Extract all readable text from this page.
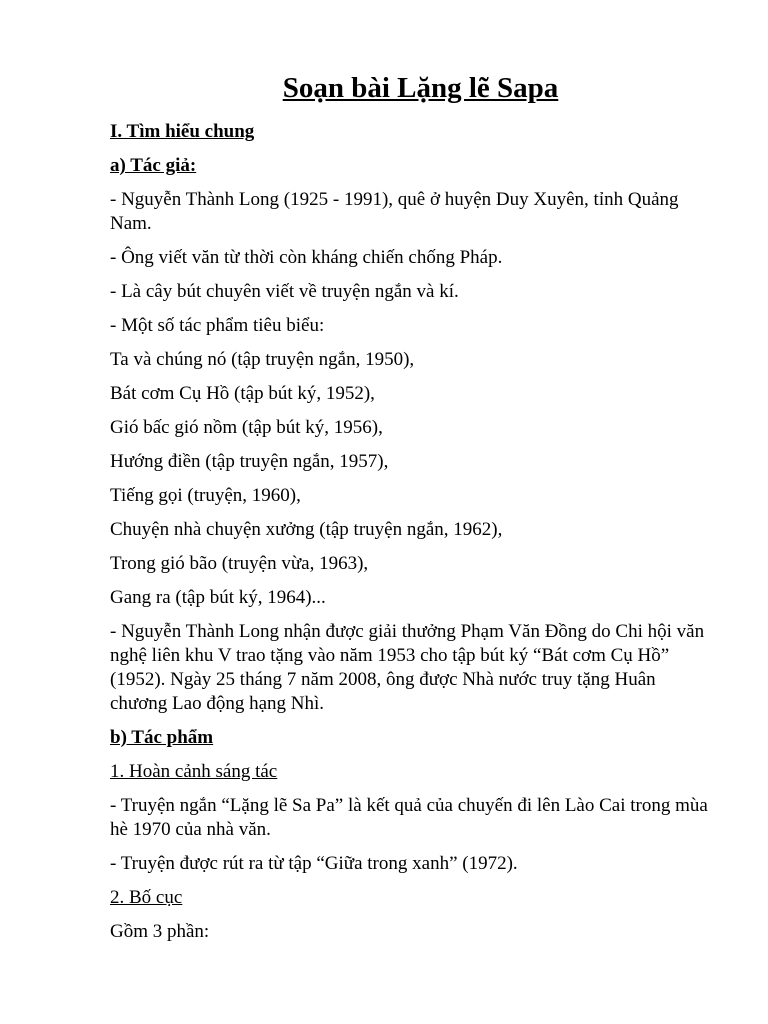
Soạn bài Lặng lẽ Sapa
I. Tìm hiểu chung
a) Tác giả:

- Nguyễn Thành Long (1925 - 1991), quê ở huyện Duy Xuyên, tỉnh Quảng Nam.

- Ông viết văn từ thời còn kháng chiến chống Pháp.

- Là cây bút chuyên viết về truyện ngắn và kí.

- Một số tác phẩm tiêu biểu:

Ta và chúng nó (tập truyện ngắn, 1950),
Bát cơm Cụ Hồ (tập bút ký, 1952),
Gió bấc gió nồm (tập bút ký, 1956),
Hướng điền (tập truyện ngắn, 1957),
Tiếng gọi (truyện, 1960),
Chuyện nhà chuyện xưởng (tập truyện ngắn, 1962),
Trong gió bão (truyện vừa, 1963),
Gang ra (tập bút ký, 1964)...

- Nguyễn Thành Long nhận được giải thưởng Phạm Văn Đồng do Chi hội văn nghệ liên khu V trao tặng vào năm 1953 cho tập bút ký “Bát cơm Cụ Hồ” (1952). Ngày 25 tháng 7 năm 2008, ông được Nhà nước truy tặng Huân chương Lao động hạng Nhì.

b) Tác phẩm
1. Hoàn cảnh sáng tác

- Truyện ngắn “Lặng lẽ Sa Pa” là kết quả của chuyến đi lên Lào Cai trong mùa hè 1970 của nhà văn.

- Truyện được rút ra từ tập “Giữa trong xanh” (1972).

2. Bố cục

Gồm 3 phần:
